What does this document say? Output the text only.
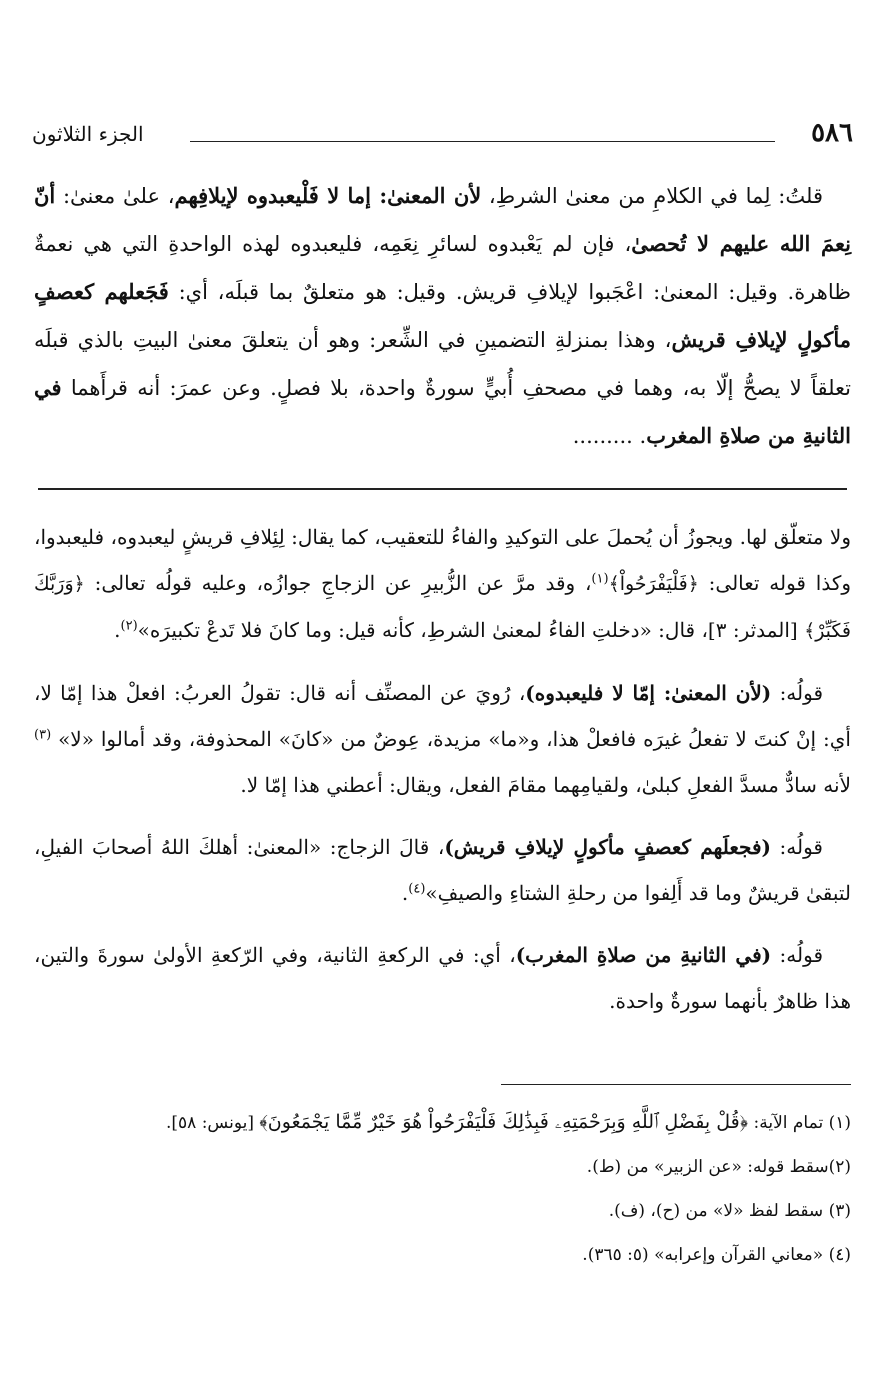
٥٨٦
الجزء الثلاثون

قلتُ: لِما في الكلامِ من معنىٰ الشرطِ، لأن المعنىٰ: إما لا فَلْيعبدوه لإيلافِهم، علىٰ معنىٰ: أنّ نِعمَ الله عليهم لا تُحصىٰ، فإن لم يَعْبدوه لسائرِ نِعَمِه، فليعبدوه لهذه الواحدةِ التي هي نعمةٌ ظاهرة. وقيل: المعنىٰ: اعْجَبوا لإيلافِ قريش. وقيل: هو متعلقٌ بما قبلَه، أي: فَجَعلهم كعصفٍ مأكولٍ لإيلافِ قريش، وهذا بمنزلةِ التضمينِ في الشِّعر: وهو أن يتعلقَ معنىٰ البيتِ بالذي قبلَه تعلقاً لا يصحُّ إلّا به، وهما في مصحفِ أُبيٍّ سورةٌ واحدة، بلا فصلٍ. وعن عمرَ: أنه قرأَهما في الثانيةِ من صلاةِ المغرب. .........

ولا متعلّق لها. ويجوزُ أن يُحملَ على التوكيدِ والفاءُ للتعقيب، كما يقال: لِئِلافِ قريشٍ ليعبدوه، فليعبدوا، وكذا قوله تعالى: ﴿فَلْيَفْرَحُواْ﴾$^{(١)}$، وقد مرَّ عن الزُّبيرِ عن الزجاجِ جوازُه، وعليه قولُه تعالى: ﴿وَرَبَّكَ فَكَبِّرْ﴾ [المدثر: ٣]، قال: «دخلتِ الفاءُ لمعنىٰ الشرطِ، كأنه قيل: وما كانَ فلا تَدعْ تكبيرَه»$^{(٢)}$.

قولُه: (لأن المعنىٰ: إمّا لا فليعبدوه)، رُويَ عن المصنِّف أنه قال: تقولُ العربُ: افعلْ هذا إمّا لا، أي: إنْ كنتَ لا تفعلُ غيرَه فافعلْ هذا، و«ما» مزيدة، عِوضٌ من «كانَ» المحذوفة، وقد أمالوا «لا» $^{(٣)}$ لأنه سادٌّ مسدَّ الفعلِ كبلىٰ، ولقيامِهما مقامَ الفعل، ويقال: أعطني هذا إمّا لا.

قولُه: (فجعلَهم كعصفٍ مأكولٍ لإيلافِ قريش)، قالَ الزجاج: «المعنىٰ: أهلكَ اللهُ أصحابَ الفيلِ، لتبقىٰ قريشٌ وما قد أَلِفوا من رحلةِ الشتاءِ والصيفِ»$^{(٤)}$.

قولُه: (في الثانيةِ من صلاةِ المغرب)، أي: في الركعةِ الثانية، وفي الرّكعةِ الأولىٰ سورةَ والتين، هذا ظاهرٌ بأنهما سورةٌ واحدة.

(١) تمام الآية: ﴿قُلْ بِفَضْلِ ٱللَّهِ وَبِرَحْمَتِهِۦ فَبِذَٰلِكَ فَلْيَفْرَحُواْ هُوَ خَيْرٌ مِّمَّا يَجْمَعُونَ﴾ [يونس: ٥٨].
(٢)سقط قوله: «عن الزبير» من (ط).
(٣) سقط لفظ «لا» من (ح)، (ف).
(٤) «معاني القرآن وإعرابه» (٥: ٣٦٥).
